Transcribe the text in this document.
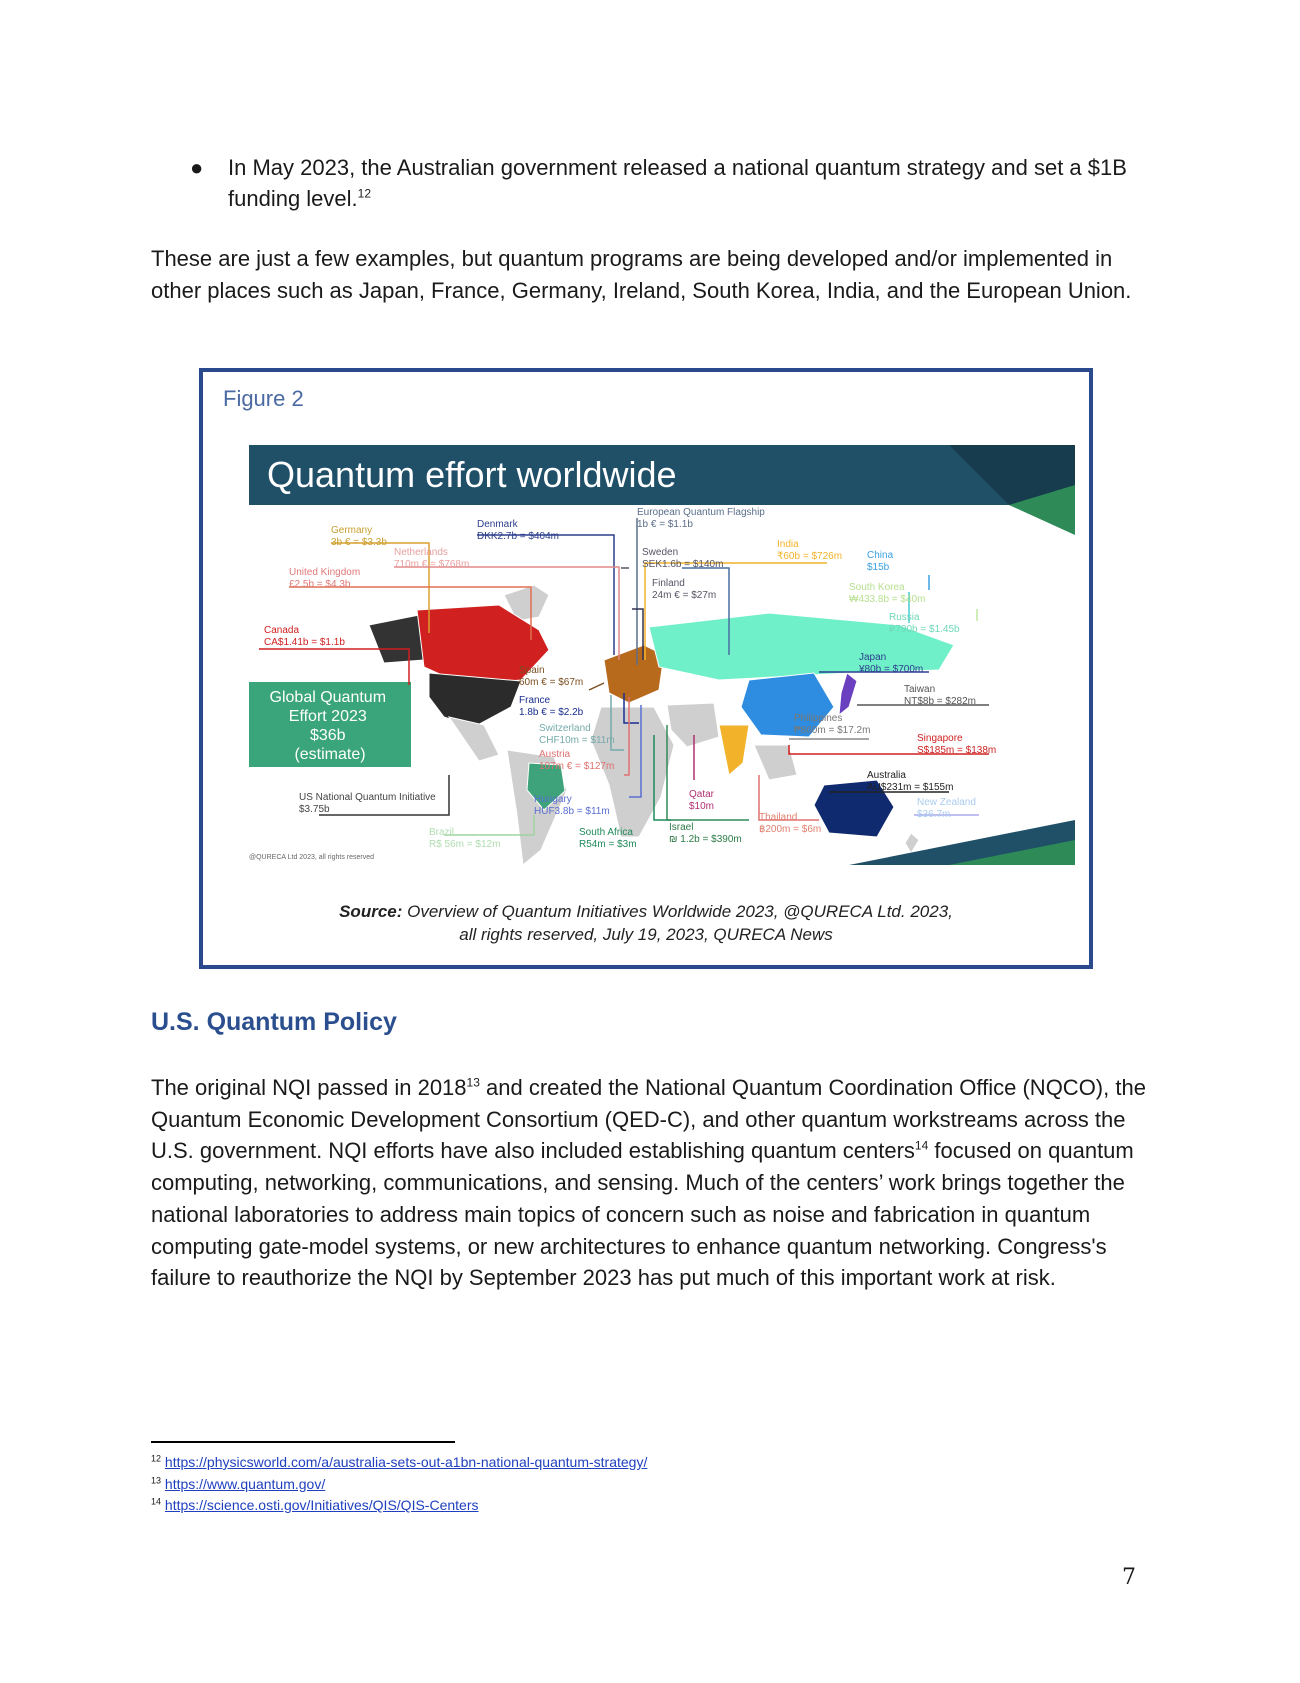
● In May 2023, the Australian government released a national quantum strategy and set a $1B funding level.$^{12}$

These are just a few examples, but quantum programs are being developed and/or implemented in other places such as Japan, France, Germany, Ireland, South Korea, India, and the European Union.

Figure 2
Quantum effort worldwide
Global Quantum Effort 2023 $36b (estimate)
Germany 3b € = $3.3b
Denmark DKK2.7b = $404m
European Quantum Flagship 1b € = $1.1b
Netherlands 710m € = $768m
United Kingdom £2.5b = $4.3b
Sweden SEK1.6b = $140m
India ₹60b = $726m China $15b
Finland 24m € = $27m
South Korea ₩433.8b = $40m
Canada CA$1.41b = $1.1b
Russia ₽790b = $1.45b
Spain 60m € = $67m
Japan ¥80b = $700m
France 1.8b € = $2.2b
Taiwan NT$8b = $282m
Switzerland CHF10m = $11m
Philippines ₱860m = $17.2m
Singapore S$185m = $138m
Austria 107m € = $127m
Australia AU$231m = $155m
US National Quantum Initiative $3.75b
Hungary HUF3.8b = $11m
Qatar $10m	New Zealand $36.7m
Thailand ฿200m = $6m
Israel ₪ 1.2b = $390m
Brazil R$ 56m = $12m
South Africa R54m = $3m
@QURECA Ltd 2023, all rights reserved
Source: Overview of Quantum Initiatives Worldwide 2023, @QURECA Ltd. 2023,
all rights reserved, July 19, 2023, QURECA News
U.S. Quantum Policy

The original NQI passed in 2018$^{13}$ and created the National Quantum Coordination Office (NQCO), the Quantum Economic Development Consortium (QED-C), and other quantum workstreams across the U.S. government. NQI efforts have also included establishing quantum centers$^{14}$ focused on quantum computing, networking, communications, and sensing. Much of the centers’ work brings together the national laboratories to address main topics of concern such as noise and fabrication in quantum computing gate-model systems, or new architectures to enhance quantum networking. Congress's failure to reauthorize the NQI by September 2023 has put much of this important work at risk.

$^{12}$ https://physicsworld.com/a/australia-sets-out-a1bn-national-quantum-strategy/
$^{13}$ https://www.quantum.gov/
$^{14}$ https://science.osti.gov/Initiatives/QIS/QIS-Centers
7
